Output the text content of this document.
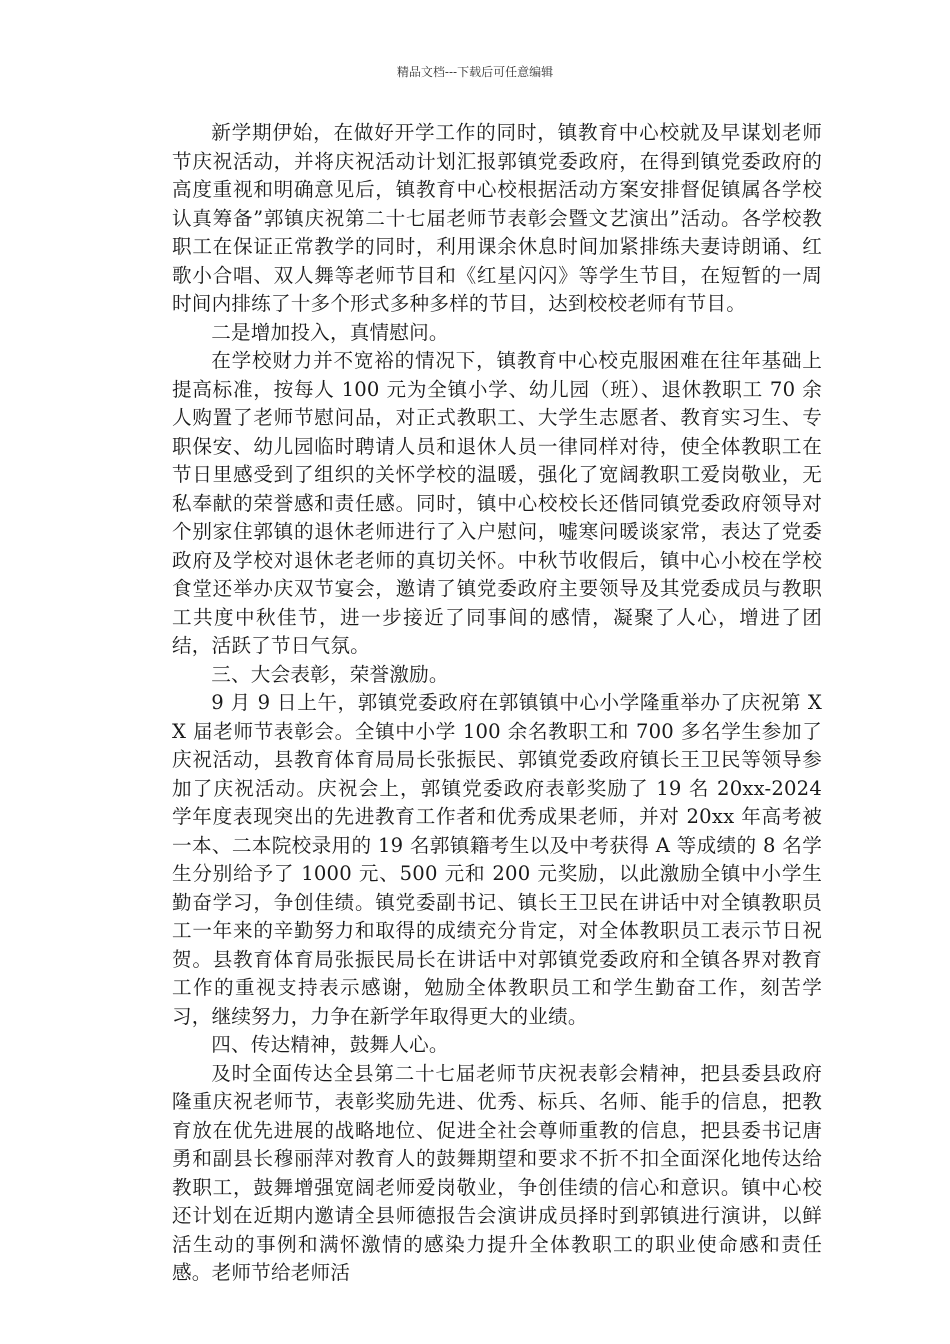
精品文档---下载后可任意编辑

新学期伊始，在做好开学工作的同时，镇教育中心校就及早谋划老师节庆祝活动，并将庆祝活动计划汇报郭镇党委政府，在得到镇党委政府的高度重视和明确意见后，镇教育中心校根据活动方案安排督促镇属各学校认真筹备”郭镇庆祝第二十七届老师节表彰会暨文艺演出”活动。各学校教职工在保证正常教学的同时，利用课余休息时间加紧排练夫妻诗朗诵、红歌小合唱、双人舞等老师节目和《红星闪闪》等学生节目，在短暂的一周时间内排练了十多个形式多种多样的节目，达到校校老师有节目。

二是增加投入，真情慰问。

在学校财力并不宽裕的情况下，镇教育中心校克服困难在往年基础上提高标准，按每人 100 元为全镇小学、幼儿园（班）、退休教职工 70 余人购置了老师节慰问品，对正式教职工、大学生志愿者、教育实习生、专职保安、幼儿园临时聘请人员和退休人员一律同样对待，使全体教职工在节日里感受到了组织的关怀学校的温暖，强化了宽阔教职工爱岗敬业，无私奉献的荣誉感和责任感。同时，镇中心校校长还偕同镇党委政府领导对个别家住郭镇的退休老师进行了入户慰问，嘘寒问暖谈家常，表达了党委政府及学校对退休老老师的真切关怀。中秋节收假后，镇中心小校在学校食堂还举办庆双节宴会，邀请了镇党委政府主要领导及其党委成员与教职工共度中秋佳节，进一步接近了同事间的感情，凝聚了人心，增进了团结，活跃了节日气氛。

三、大会表彰，荣誉激励。

9 月 9 日上午，郭镇党委政府在郭镇镇中心小学隆重举办了庆祝第 XX 届老师节表彰会。全镇中小学 100 余名教职工和 700 多名学生参加了庆祝活动，县教育体育局局长张振民、郭镇党委政府镇长王卫民等领导参加了庆祝活动。庆祝会上，郭镇党委政府表彰奖励了 19 名 20xx-2024 学年度表现突出的先进教育工作者和优秀成果老师，并对 20xx 年高考被一本、二本院校录用的 19 名郭镇籍考生以及中考获得 A 等成绩的 8 名学生分别给予了 1000 元、500 元和 200 元奖励，以此激励全镇中小学生勤奋学习，争创佳绩。镇党委副书记、镇长王卫民在讲话中对全镇教职员工一年来的辛勤努力和取得的成绩充分肯定，对全体教职员工表示节日祝贺。县教育体育局张振民局长在讲话中对郭镇党委政府和全镇各界对教育工作的重视支持表示感谢，勉励全体教职员工和学生勤奋工作，刻苦学习，继续努力，力争在新学年取得更大的业绩。

四、传达精神，鼓舞人心。

及时全面传达全县第二十七届老师节庆祝表彰会精神，把县委县政府隆重庆祝老师节，表彰奖励先进、优秀、标兵、名师、能手的信息，把教育放在优先进展的战略地位、促进全社会尊师重教的信息，把县委书记唐勇和副县长穆丽萍对教育人的鼓舞期望和要求不折不扣全面深化地传达给教职工，鼓舞增强宽阔老师爱岗敬业，争创佳绩的信心和意识。镇中心校还计划在近期内邀请全县师德报告会演讲成员择时到郭镇进行演讲，以鲜活生动的事例和满怀激情的感染力提升全体教职工的职业使命感和责任感。老师节给老师活
